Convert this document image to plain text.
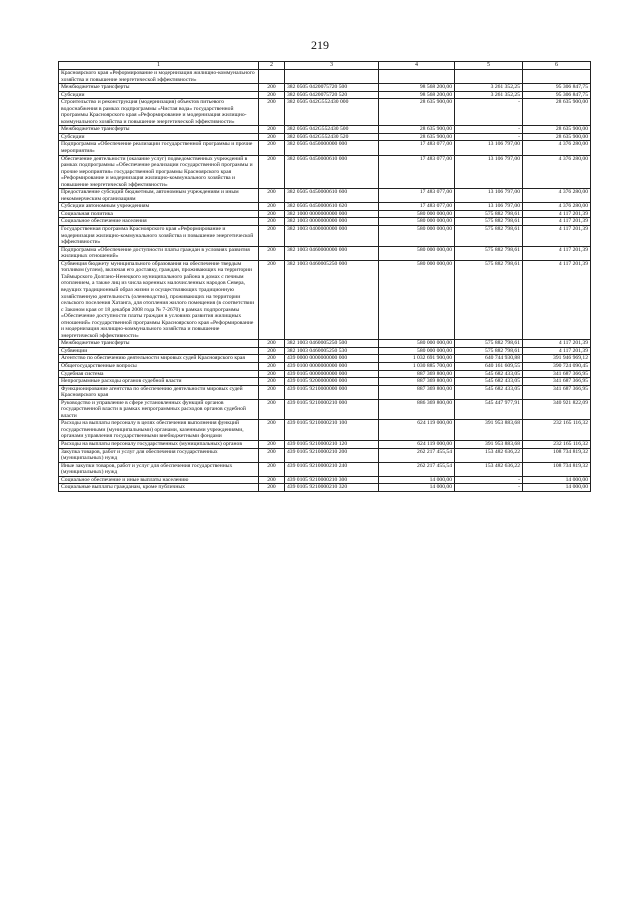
219
1	2	3	4	5	6
Красноярского края «Реформирование и модернизация жилищно-коммунального хозяйства и повышение энергетической эффективности»					
Межбюджетные трансферты	200	382 0505 0420075720 500	98 568 200,00	3 261 352,25	95 306 847,75
Субсидии	200	382 0505 0420075720 520	98 568 200,00	3 261 352,25	95 306 847,75
Строительство и реконструкция (модернизация) объектов питьевого водоснабжения в рамках подпрограммы «Чистая вода» государственной программы Красноярского края «Реформирование и модернизация жилищно-коммунального хозяйства и повышение энергетической эффективности»	200	382 0505 042G552430 000	28 635 900,00	-	28 635 900,00
Межбюджетные трансферты	200	382 0505 042G552430 500	28 635 900,00	-	28 635 900,00
Субсидии	200	382 0505 042G552430 520	28 635 900,00	-	28 635 900,00
Подпрограмма «Обеспечение реализации государственной программы и прочие мероприятия»	200	382 0505 0450000000 000	17 483 077,00	13 106 797,00	4 376 280,00
Обеспечение деятельности (оказание услуг) подведомственных учреждений в рамках подпрограммы «Обеспечение реализации государственной программы и прочие мероприятия» государственной программы Красноярского края «Реформирование и модернизация жилищно-коммунального хозяйства и повышение энергетической эффективности»	200	382 0505 0450000610 000	17 483 077,00	13 106 797,00	4 376 280,00
Предоставление субсидий бюджетным, автономным учреждениям и иным некоммерческим организациям	200	382 0505 0450000610 600	17 483 077,00	13 106 797,00	4 376 280,00
Субсидии автономным учреждениям	200	382 0505 0450000610 620	17 483 077,00	13 106 797,00	4 376 280,00
Социальная политика	200	382 1000 0000000000 000	580 000 000,00	575 882 798,61	4 117 201,39
Социальное обеспечение населения	200	382 1003 0000000000 000	580 000 000,00	575 882 798,61	4 117 201,39
Государственная программа Красноярского края «Реформирование и модернизация жилищно-коммунального хозяйства и повышение энергетической эффективности»	200	382 1003 0400000000 000	580 000 000,00	575 882 798,61	4 117 201,39
Подпрограмма «Обеспечение доступности платы граждан в условиях развития жилищных отношений»	200	382 1003 0460000000 000	580 000 000,00	575 882 798,61	4 117 201,39
Субвенция бюджету муниципального образования на обеспечение твердым топливом (углем), включая его доставку, граждан, проживающих на территории Таймырского Долгано-Ненецкого муниципального района в домах с печным отоплением, а также лиц из числа коренных малочисленных народов Севера, ведущих традиционный образ жизни и осуществляющих традиционную хозяйственную деятельность (оленеводство), проживающих на территории сельского поселения Хатанга, для отопления жилого помещения (в соответствии с Законом края от 18 декабря 2008 года № 7-2670) в рамках подпрограммы «Обеспечение доступности платы граждан в условиях развития жилищных отношений» государственной программы Красноярского края «Реформирование и модернизация жилищно-коммунального хозяйства и повышение энергетической эффективности»	200	382 1003 0460005250 000	580 000 000,00	575 882 798,61	4 117 201,39
Межбюджетные трансферты	200	382 1003 0460005250 500	580 000 000,00	575 882 798,61	4 117 201,39
Субвенции	200	382 1003 0460005250 530	580 000 000,00	575 882 798,61	4 117 201,39
Агентство по обеспечению деятельности мировых судей Красноярского края	200	439 0000 0000000000 000	1 032 691 900,00	640 744 930,88	391 946 969,12
Общегосударственные вопросы	200	439 0100 0000000000 000	1 030 885 700,00	640 161 609,55	390 724 090,45
Судебная система	200	439 0105 0000000000 000	887 369 800,00	545 682 433,05	341 687 366,95
Непрограммные расходы органов судебной власти	200	439 0105 9200000000 000	887 369 800,00	545 682 433,05	341 687 366,95
Функционирование агентства по обеспечению деятельности мировых судей Красноярского края	200	439 0105 9210000000 000	887 369 800,00	545 682 433,05	341 687 366,95
Руководство и управление в сфере установленных функций органов государственной власти в рамках непрограммных расходов органов судебной власти	200	439 0105 9210000210 000	886 369 800,00	545 447 977,91	340 921 822,09
Расходы на выплаты персоналу в целях обеспечения выполнения функций государственными (муниципальными) органами, казенными учреждениями, органами управления государственными внебюджетными фондами	200	439 0105 9210000210 100	624 119 000,00	391 953 883,68	232 165 116,32
Расходы на выплаты персоналу государственных (муниципальных) органов	200	439 0105 9210000210 120	624 119 000,00	391 953 883,68	232 165 116,32
Закупка товаров, работ и услуг для обеспечения государственных (муниципальных) нужд	200	439 0105 9210000210 200	262 217 455,54	153 482 636,22	108 734 819,32
Иные закупки товаров, работ и услуг для обеспечения государственных (муниципальных) нужд	200	439 0105 9210000210 240	262 217 455,54	153 482 636,22	108 734 819,32
Социальное обеспечение и иные выплаты населению	200	439 0105 9210000210 300	14 000,00	-	14 000,00
Социальные выплаты гражданам, кроме публичных	200	439 0105 9210000210 320	14 000,00	-	14 000,00
